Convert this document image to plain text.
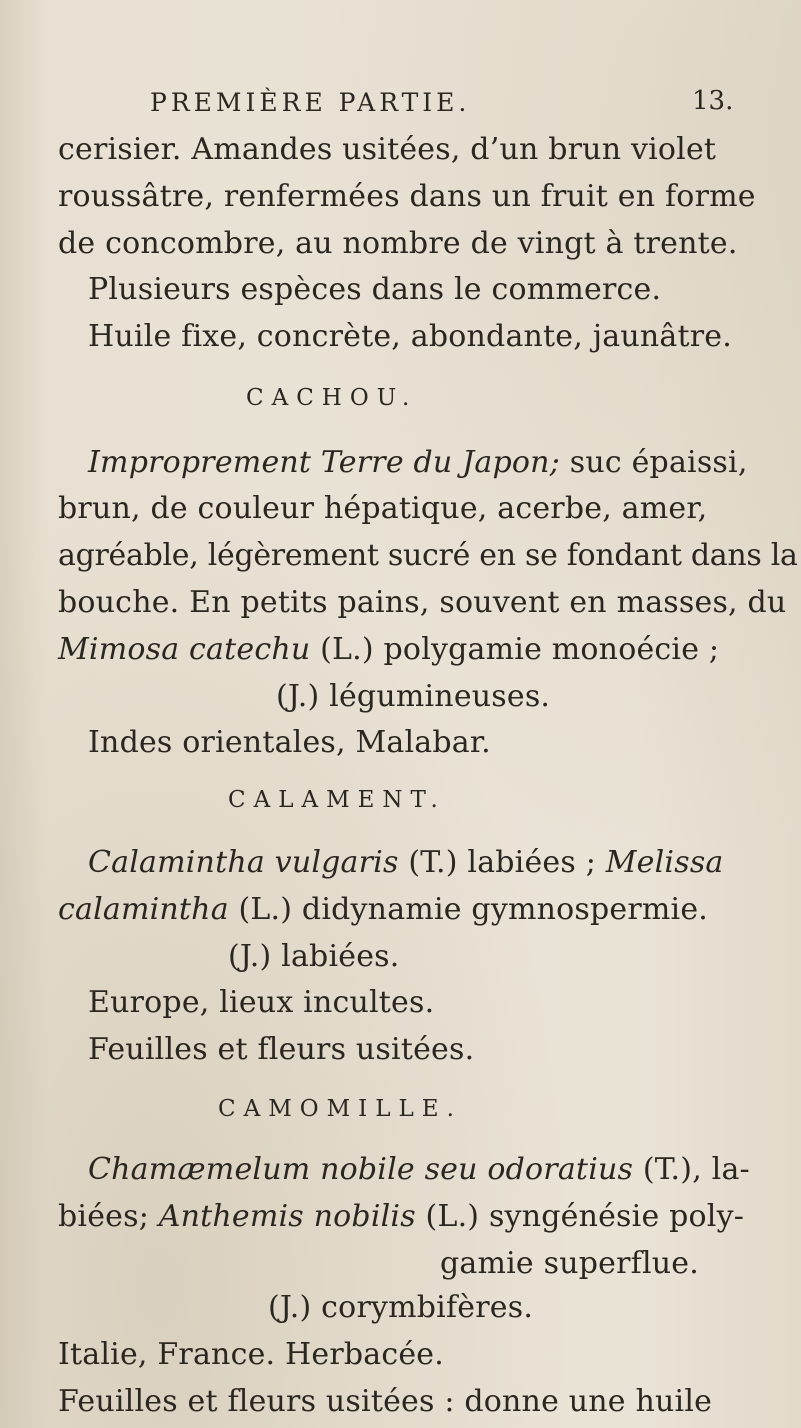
PREMIÈRE PARTIE.	13.
cerisier. Amandes usitées, d’un brun violet
roussâtre, renfermées dans un fruit en forme
de concombre, au nombre de vingt à trente.
Plusieurs espèces dans le commerce.
Huile fixe, concrète, abondante, jaunâtre.
CACHOU.
Improprement Terre du Japon; suc épaissi,
brun, de couleur hépatique, acerbe, amer,
agréable, légèrement sucré en se fondant dans la
bouche. En petits pains, souvent en masses, du
Mimosa catechu (L.) polygamie monoécie ;
(J.) légumineuses.
Indes orientales, Malabar.
CALAMENT.
Calamintha vulgaris (T.) labiées ; Melissa
calamintha (L.) didynamie gymnospermie.
(J.) labiées.
Europe, lieux incultes.
Feuilles et fleurs usitées.
CAMOMILLE.
Chamæmelum nobile seu odoratius (T.), la-
biées; Anthemis nobilis (L.) syngénésie poly-
gamie superflue.
(J.) corymbifères.
Italie, France. Herbacée.
Feuilles et fleurs usitées : donne une huile
